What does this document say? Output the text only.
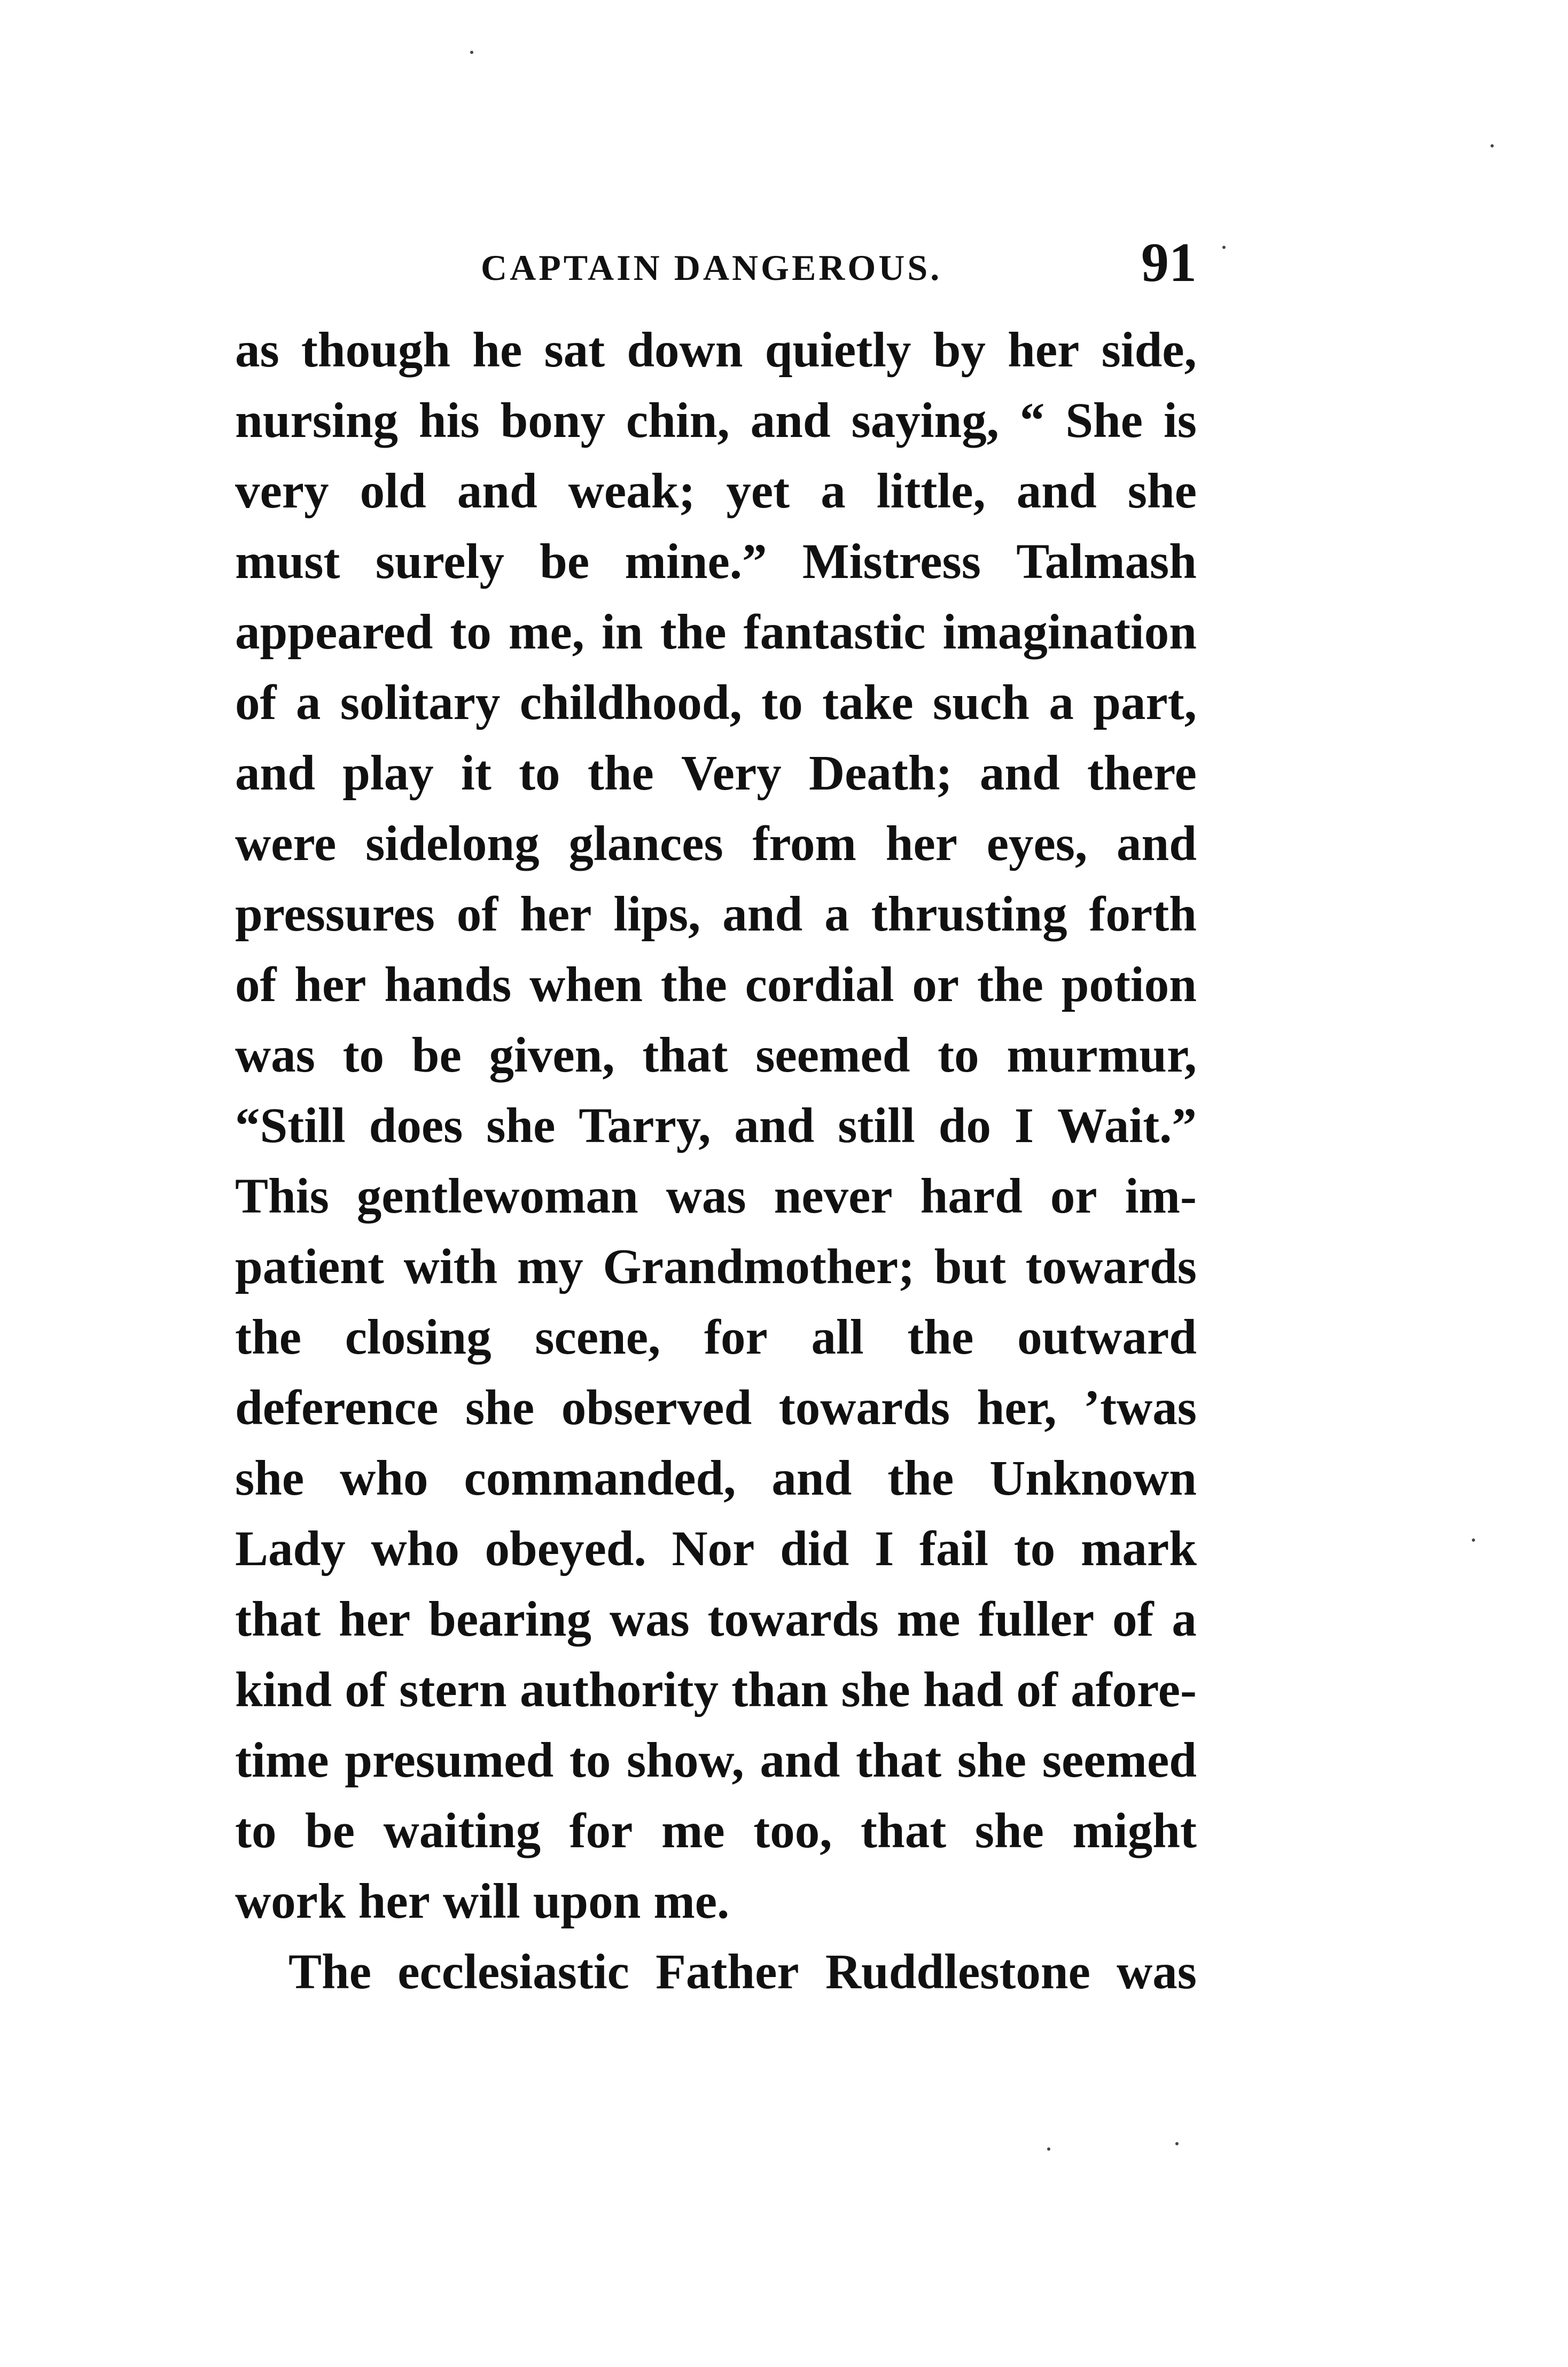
CAPTAIN DANGEROUS.	91
as though he sat down quietly by her side,
nursing his bony chin, and saying, “ She is
very old and weak; yet a little, and she
must surely be mine.” Mistress Talmash
appeared to me, in the fantastic imagination
of a solitary childhood, to take such a part,
and play it to the Very Death; and there
were sidelong glances from her eyes, and
pressures of her lips, and a thrusting forth
of her hands when the cordial or the potion
was to be given, that seemed to murmur,
“Still does she Tarry, and still do I Wait.”
This gentlewoman was never hard or im-
patient with my Grandmother; but towards
the closing scene, for all the outward
deference she observed towards her, ’twas
she who commanded, and the Unknown
Lady who obeyed. Nor did I fail to mark
that her bearing was towards me fuller of a
kind of stern authority than she had of afore-
time presumed to show, and that she seemed
to be waiting for me too, that she might
work her will upon me.
The ecclesiastic Father Ruddlestone was
